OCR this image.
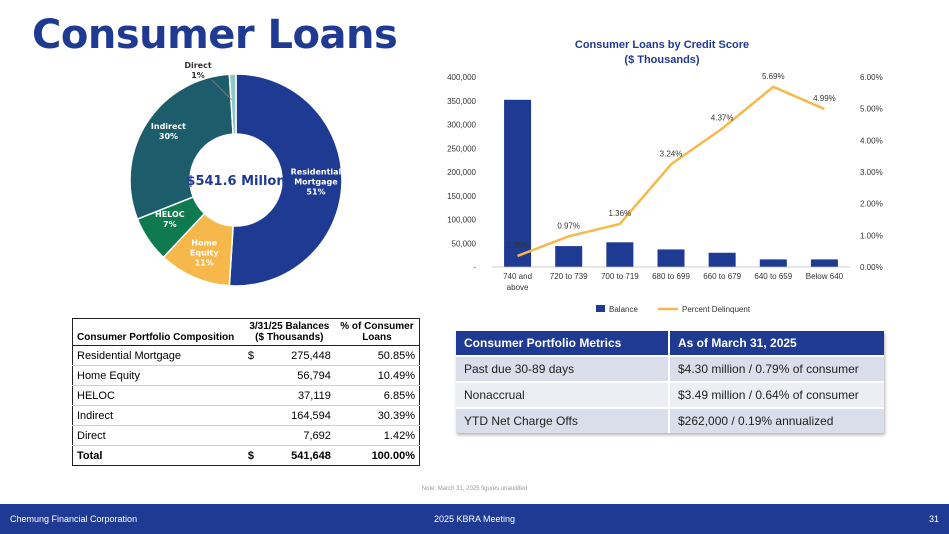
Consumer Loans
Residential Mortgage 51%
Home Equity 11%
HELOC 7%
Indirect 30%
Direct 1%
$541.6 Millon
Consumer Loans by Credit Score
($ Thousands)
-
50,000
100,000
150,000
200,000
250,000
300,000
350,000
400,000
0.00%
1.00%
2.00%
3.00%
4.00%
5.00%
6.00%
740 and above
720 to 739 700 to 719 680 to 699 660 to 679 640 to 659 Below 640
0.35%
0.97%
1.36%
3.24%
4.37%
5.69%
4.99%
Balance	Percent Delinquent
Consumer Portfolio Composition	3/31/25 Balances
($ Thousands)		% of Consumer
Loans
Residential Mortgage	$	275,448	50.85%
Home Equity		56,794	10.49%
HELOC		37,119	6.85%
Indirect		164,594	30.39%
Direct		7,692	1.42%
Total	$	541,648	100.00%
Consumer Portfolio Metrics	As of March 31, 2025
Past due 30-89 days	$4.30 million / 0.79% of consumer
Nonaccrual	$3.49 million / 0.64% of consumer
YTD Net Charge Offs	$262,000 / 0.19% annualized
Note: March 31, 2025 figures unaudited
Chemung Financial Corporation	2025 KBRA Meeting	31
